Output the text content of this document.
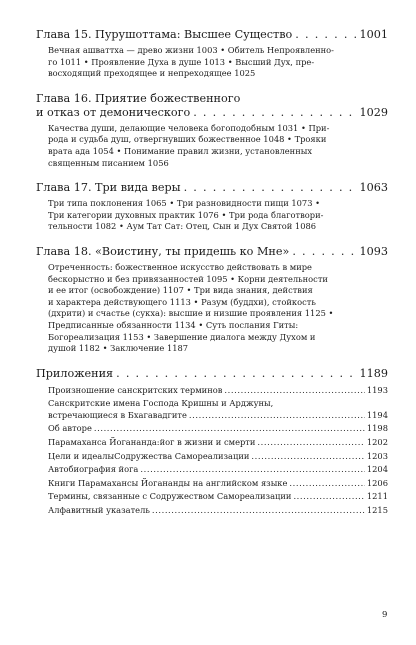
Глава 15. Пурушоттама: Высшее Существо . . .	1001
Вечная ашваттха — древо жизни 1003 • Обитель Непроявленно-
го 1011 • Проявление Духа в душе 1013 • Высший Дух, пре-
восходящий преходящее и непреходящее 1025
Глава 16. Приятие божественного
и отказ от демонического . . .	1029
Качества души, делающие человека богоподобным 1031 • При-
рода и судьба душ, отвергнувших божественное 1048 • Трояки
врата ада 1054 • Понимание правил жизни, установленных
священным писанием 1056
Глава 17. Три вида веры . . .	1063
Три типа поклонения 1065 • Три разновидности пищи 1073 •
Три категории духовных практик 1076 • Три рода благотвори-
тельности 1082 • Аум Тат Сат: Отец, Сын и Дух Святой 1086
Глава 18. «Воистину, ты придешь ко Мне» . . .	1093
Отреченность: божественное искусство действовать в мире
бескорыстно и без привязанностей 1095 • Корни деятельности
и ее итог (освобождение) 1107 • Три вида знания, действия
и характера действующего 1113 • Разум (буддхи), стойкость
(дхрити) и счастье (сукха): высшие и низшие проявления 1125 •
Предписанные обязанности 1134 • Суть послания Гиты:
Богореализация 1153 • Завершение диалога между Духом и
душой 1182 • Заключение 1187
Приложения . . .	1189
Произношение санскритских терминов .....	1193
Санскритские имена Господа Кришны и Арджуны,
встречающиеся в Бхагавадгите .....	1194
Об авторе .....	1198
Парамаханса Йогананда:йог в жизни и смерти .....	1202
Цели и идеалыСодружества Самореализации .....	1203
Автобиография йога .....	1204
Книги Парамахансы Йогананды на английском языке .....	1206
Термины, связанные с Содружеством Самореализации .....	1211
Алфавитный указатель .....	1215
9
